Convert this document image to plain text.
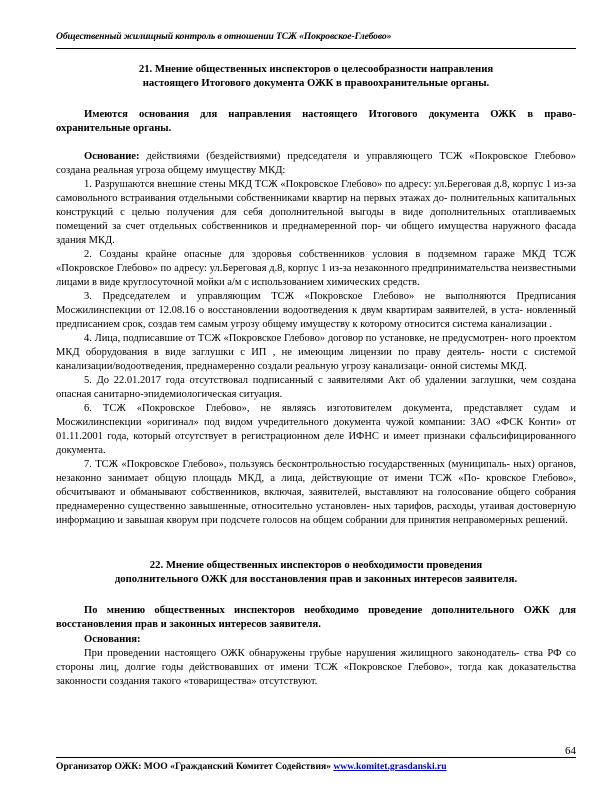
Общественный жилищный контроль в отношении ТСЖ «Покровское-Глебово»

21. Мнение общественных инспекторов о целесообразности направления

настоящего Итогового документа ОЖК в правоохранительные органы.

Имеются основания для направления настоящего Итогового документа ОЖК в право- охранительные органы.

Основание: действиями (бездействиями) председателя и управляющего ТСЖ «Покровское Глебово» создана реальная угроза общему имуществу МКД:

1. Разрушаются внешние стены МКД ТСЖ «Покровское Глебово» по адресу: ул.Береговая д.8, корпус 1 из-за самовольного встраивания отдельными собственниками квартир на первых этажах до- полнительных капитальных конструкций с целью получения для себя дополнительной выгоды в виде дополнительных отапливаемых помещений за счет отдельных собственников и преднамеренной пор- чи общего имущества наружного фасада здания МКД.

2. Созданы крайне опасные для здоровья собственников условия в подземном гараже МКД ТСЖ «Покровское Глебово» по адресу: ул.Береговая д.8, корпус 1 из-за незаконного предпринимательства неизвестными лицами в виде круглосуточной мойки а/м с использованием химических средств.

3. Председателем и управляющим ТСЖ «Покровское Глебово» не выполняются Предписания Мосжилинспекции от 12.08.16 о восстановлении водоотведения к двум квартирам заявителей, в уста- новленный предписанием срок, создав тем самым угрозу общему имуществу к которому относится система канализации .

4. Лица, подписавшие от ТСЖ «Покровское Глебово» договор по установке, не предусмотрен- ного проектом МКД оборудования в виде заглушки с ИП , не имеющим лицензии по праву деятель- ности с системой канализации/водоотведения, преднамеренно создали реальную угрозу канализаци- онной системы МКД.

5. До 22.01.2017 года отсутствовал подписанный с заявителями Акт об удалении заглушки, чем создана опасная санитарно-эпидемиологическая ситуация.

6. ТСЖ «Покровское Глебово», не являясь изготовителем документа, представляет судам и Мосжилинспекции «оригинал» под видом учредительного документа чужой компании: ЗАО «ФСК Конти» от 01.11.2001 года, который отсутствует в регистрационном деле ИФНС и имеет признаки сфальсифицированного документа.

7. ТСЖ «Покровское Глебово», пользуясь бесконтрольностью государственных (муниципаль- ных) органов, незаконно занимает общую площадь МКД, а лица, действующие от имени ТСЖ «По- кровское Глебово», обсчитывают и обманывают собственников, включая, заявителей, выставляют на голосование общего собрания преднамеренно существенно завышенные, относительно установлен- ных тарифов, расходы, утаивая достоверную информацию и завышая кворум при подсчете голосов на общем собрании для принятия неправомерных решений.

22. Мнение общественных инспекторов о необходимости проведения

дополнительного ОЖК для восстановления прав и законных интересов заявителя.

По мнению общественных инспекторов необходимо проведение дополнительного ОЖК для восстановления прав и законных интересов заявителя.

Основания:

При проведении настоящего ОЖК обнаружены грубые нарушения жилищного законодатель- ства РФ со стороны лиц, долгие годы действовавших от имени ТСЖ «Покровское Глебово», тогда как доказательства законности создания такого «товарищества» отсутствуют.

64
Организатор ОЖК: МОО «Гражданский Комитет Содействия» www.komitet.grasdanski.ru
